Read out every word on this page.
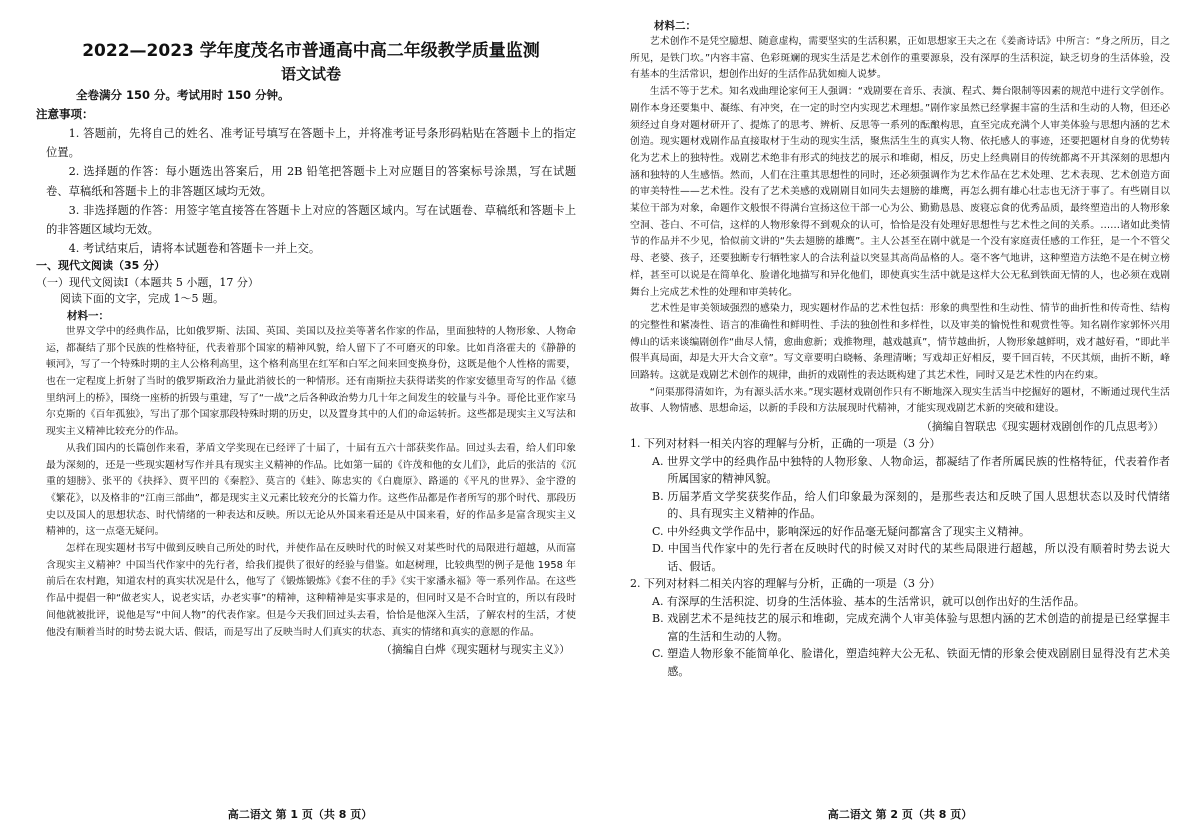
2022—2023 学年度茂名市普通高中高二年级教学质量监测

语文试卷

全卷满分 150 分。考试用时 150 分钟。

注意事项：

1. 答题前，先将自己的姓名、准考证号填写在答题卡上，并将准考证号条形码粘贴在答题卡上的指定位置。

2. 选择题的作答：每小题选出答案后，用 2B 铅笔把答题卡上对应题目的答案标号涂黑，写在试题卷、草稿纸和答题卡上的非答题区域均无效。

3. 非选择题的作答：用签字笔直接答在答题卡上对应的答题区域内。写在试题卷、草稿纸和答题卡上的非答题区域均无效。

4. 考试结束后，请将本试题卷和答题卡一并上交。

一、现代文阅读（35 分）

（一）现代文阅读Ⅰ（本题共 5 小题，17 分）

阅读下面的文字，完成 1～5 题。

材料一：

世界文学中的经典作品，比如俄罗斯、法国、英国、美国以及拉美等著名作家的作品，里面独特的人物形象、人物命运，都凝结了那个民族的性格特征，代表着那个国家的精神风貌，给人留下了不可磨灭的印象。比如肖洛霍夫的《静静的顿河》，写了一个特殊时期的主人公格利高里，这个格利高里在红军和白军之间来回变换身份，这既是他个人性格的需要，也在一定程度上折射了当时的俄罗斯政治力量此消彼长的一种情形。还有南斯拉夫获得诺奖的作家安德里奇写的作品《德里纳河上的桥》，围绕一座桥的折毁与重建，写了“一战”之后各种政治势力几十年之间发生的较量与斗争。哥伦比亚作家马尔克斯的《百年孤独》，写出了那个国家那段特殊时期的历史，以及置身其中的人们的命运转折。这些都是现实主义写法和现实主义精神比较充分的作品。

从我们国内的长篇创作来看，茅盾文学奖现在已经评了十届了，十届有五六十部获奖作品。回过头去看，给人们印象最为深刻的，还是一些现实题材写作并具有现实主义精神的作品。比如第一届的《许茂和他的女儿们》，此后的张洁的《沉重的翅膀》、张平的《抉择》、贾平凹的《秦腔》、莫言的《蛙》、陈忠实的《白鹿原》、路遥的《平凡的世界》、金宇澄的《繁花》，以及格非的“江南三部曲”，都是现实主义元素比较充分的长篇力作。这些作品都是作者所写的那个时代、那段历史以及国人的思想状态、时代情绪的一种表达和反映。所以无论从外国来看还是从中国来看，好的作品多是富含现实主义精神的，这一点毫无疑问。

怎样在现实题材书写中做到反映自己所处的时代，并使作品在反映时代的时候又对某些时代的局限进行超越，从而富含现实主义精神？中国当代作家中的先行者，给我们提供了很好的经验与借鉴。如赵树理，比较典型的例子是他 1958 年前后在农村跑，知道农村的真实状况是什么，他写了《锻炼锻炼》《套不住的手》《实干家潘永福》等一系列作品。在这些作品中提倡一种“做老实人，说老实话，办老实事”的精神，这种精神是实事求是的，但同时又是不合时宜的，所以有段时间他就被批评，说他是写“中间人物”的代表作家。但是今天我们回过头去看，恰恰是他深入生活，了解农村的生活，才使他没有顺着当时的时势去说大话、假话，而是写出了反映当时人们真实的状态、真实的情绪和真实的意愿的作品。

（摘编自白烨《现实题材与现实主义》）

高二语文 第 1 页（共 8 页）

材料二：

艺术创作不是凭空臆想、随意虚构，需要坚实的生活积累，正如思想家王夫之在《姜斋诗话》中所言：“身之所历，目之所见，是铁门坎。”内容丰富、色彩斑斓的现实生活是艺术创作的重要源泉，没有深厚的生活积淀，缺乏切身的生活体验，没有基本的生活常识，想创作出好的生活作品犹如痴人说梦。

生活不等于艺术。知名戏曲理论家何王人强调：“戏剧要在音乐、表演、程式、舞台限制等因素的规范中进行文学创作。剧作本身还要集中、凝练、有冲突，在一定的时空内实现艺术理想。”剧作家虽然已经掌握丰富的生活和生动的人物，但还必须经过自身对题材研开了、提炼了的思考、辨析、反思等一系列的酝酿构思，直至完成充满个人审美体验与思想内涵的艺术创造。现实题材戏剧作品直接取材于生动的现实生活，聚焦活生生的真实人物、依托感人的事迹，还要把题材自身的优势转化为艺术上的独特性。戏剧艺术绝非有形式的纯技艺的展示和堆砌，相反，历史上经典剧目的传统都离不开其深刻的思想内涵和独特的人生感悟。然而，人们在注重其思想性的同时，还必须强调作为艺术作品在艺术处理、艺术表现、艺术创造方面的审美特性——艺术性。没有了艺术美感的戏剧剧目如同失去翅膀的雄鹰，再怎么拥有雄心壮志也无济于事了。有些剧目以某位干部为对象，命题作文般恨不得满台宣扬这位干部一心为公、勤勤恳恳、废寝忘食的优秀品质，最终塑造出的人物形象空洞、苍白、不可信，这样的人物形象得不到观众的认可，恰恰是没有处理好思想性与艺术性之间的关系。……诸如此类情节的作品并不少见，恰似前文讲的“失去翅膀的雄鹰”。主人公甚至在剧中就是一个没有家庭责任感的工作狂，是一个不管父母、老婆、孩子，还要独断专行牺牲家人的合法利益以突显其高尚品格的人。毫不客气地讲，这种塑造方法绝不是在树立榜样，甚至可以说是在简单化、脸谱化地描写和异化他们，即使真实生活中就是这样大公无私到铁面无情的人，也必须在戏剧舞台上完成艺术性的处理和审美转化。

艺术性是审美领域强烈的感染力，现实题材作品的艺术性包括：形象的典型性和生动性、情节的曲折性和传奇性、结构的完整性和紧凑性、语言的准确性和鲜明性、手法的独创性和多样性，以及审美的愉悦性和观赏性等。知名剧作家郭怀兴用傅山的话来谈编剧创作“曲尽人情，愈曲愈新；戏推物理，越戏越真”，情节越曲折，人物形象越鲜明，戏才越好看，“即此半假半真局面，却是大开大合文章”。写文章要明白晓畅、条理清晰；写戏却正好相反，要千回百转，不厌其烦，曲折不断，峰回路转。这就是戏剧艺术创作的规律，曲折的戏剧性的表达既构建了其艺术性，同时又是艺术性的内在约束。

“问渠那得清如许，为有源头活水来。”现实题材戏剧创作只有不断地深入现实生活当中挖掘好的题材，不断通过现代生活故事、人物情感、思想命运，以新的手段和方法展现时代精神，才能实现戏剧艺术新的突破和建设。

（摘编自智联忠《现实题材戏剧创作的几点思考》）

1. 下列对材料一相关内容的理解与分析，正确的一项是（3 分）

A. 世界文学中的经典作品中独特的人物形象、人物命运，都凝结了作者所属民族的性格特征，代表着作者所属国家的精神风貌。

B. 历届茅盾文学奖获奖作品，给人们印象最为深刻的，是那些表达和反映了国人思想状态以及时代情绪的、具有现实主义精神的作品。

C. 中外经典文学作品中，影响深远的好作品毫无疑问都富含了现实主义精神。

D. 中国当代作家中的先行者在反映时代的时候又对时代的某些局限进行超越，所以没有顺着时势去说大话、假话。

2. 下列对材料二相关内容的理解与分析，正确的一项是（3 分）

A. 有深厚的生活积淀、切身的生活体验、基本的生活常识，就可以创作出好的生活作品。

B. 戏剧艺术不是纯技艺的展示和堆砌，完成充满个人审美体验与思想内涵的艺术创造的前提是已经掌握丰富的生活和生动的人物。

C. 塑造人物形象不能简单化、脸谱化，塑造纯粹大公无私、铁面无情的形象会使戏剧剧目显得没有艺术美感。

高二语文 第 2 页（共 8 页）
